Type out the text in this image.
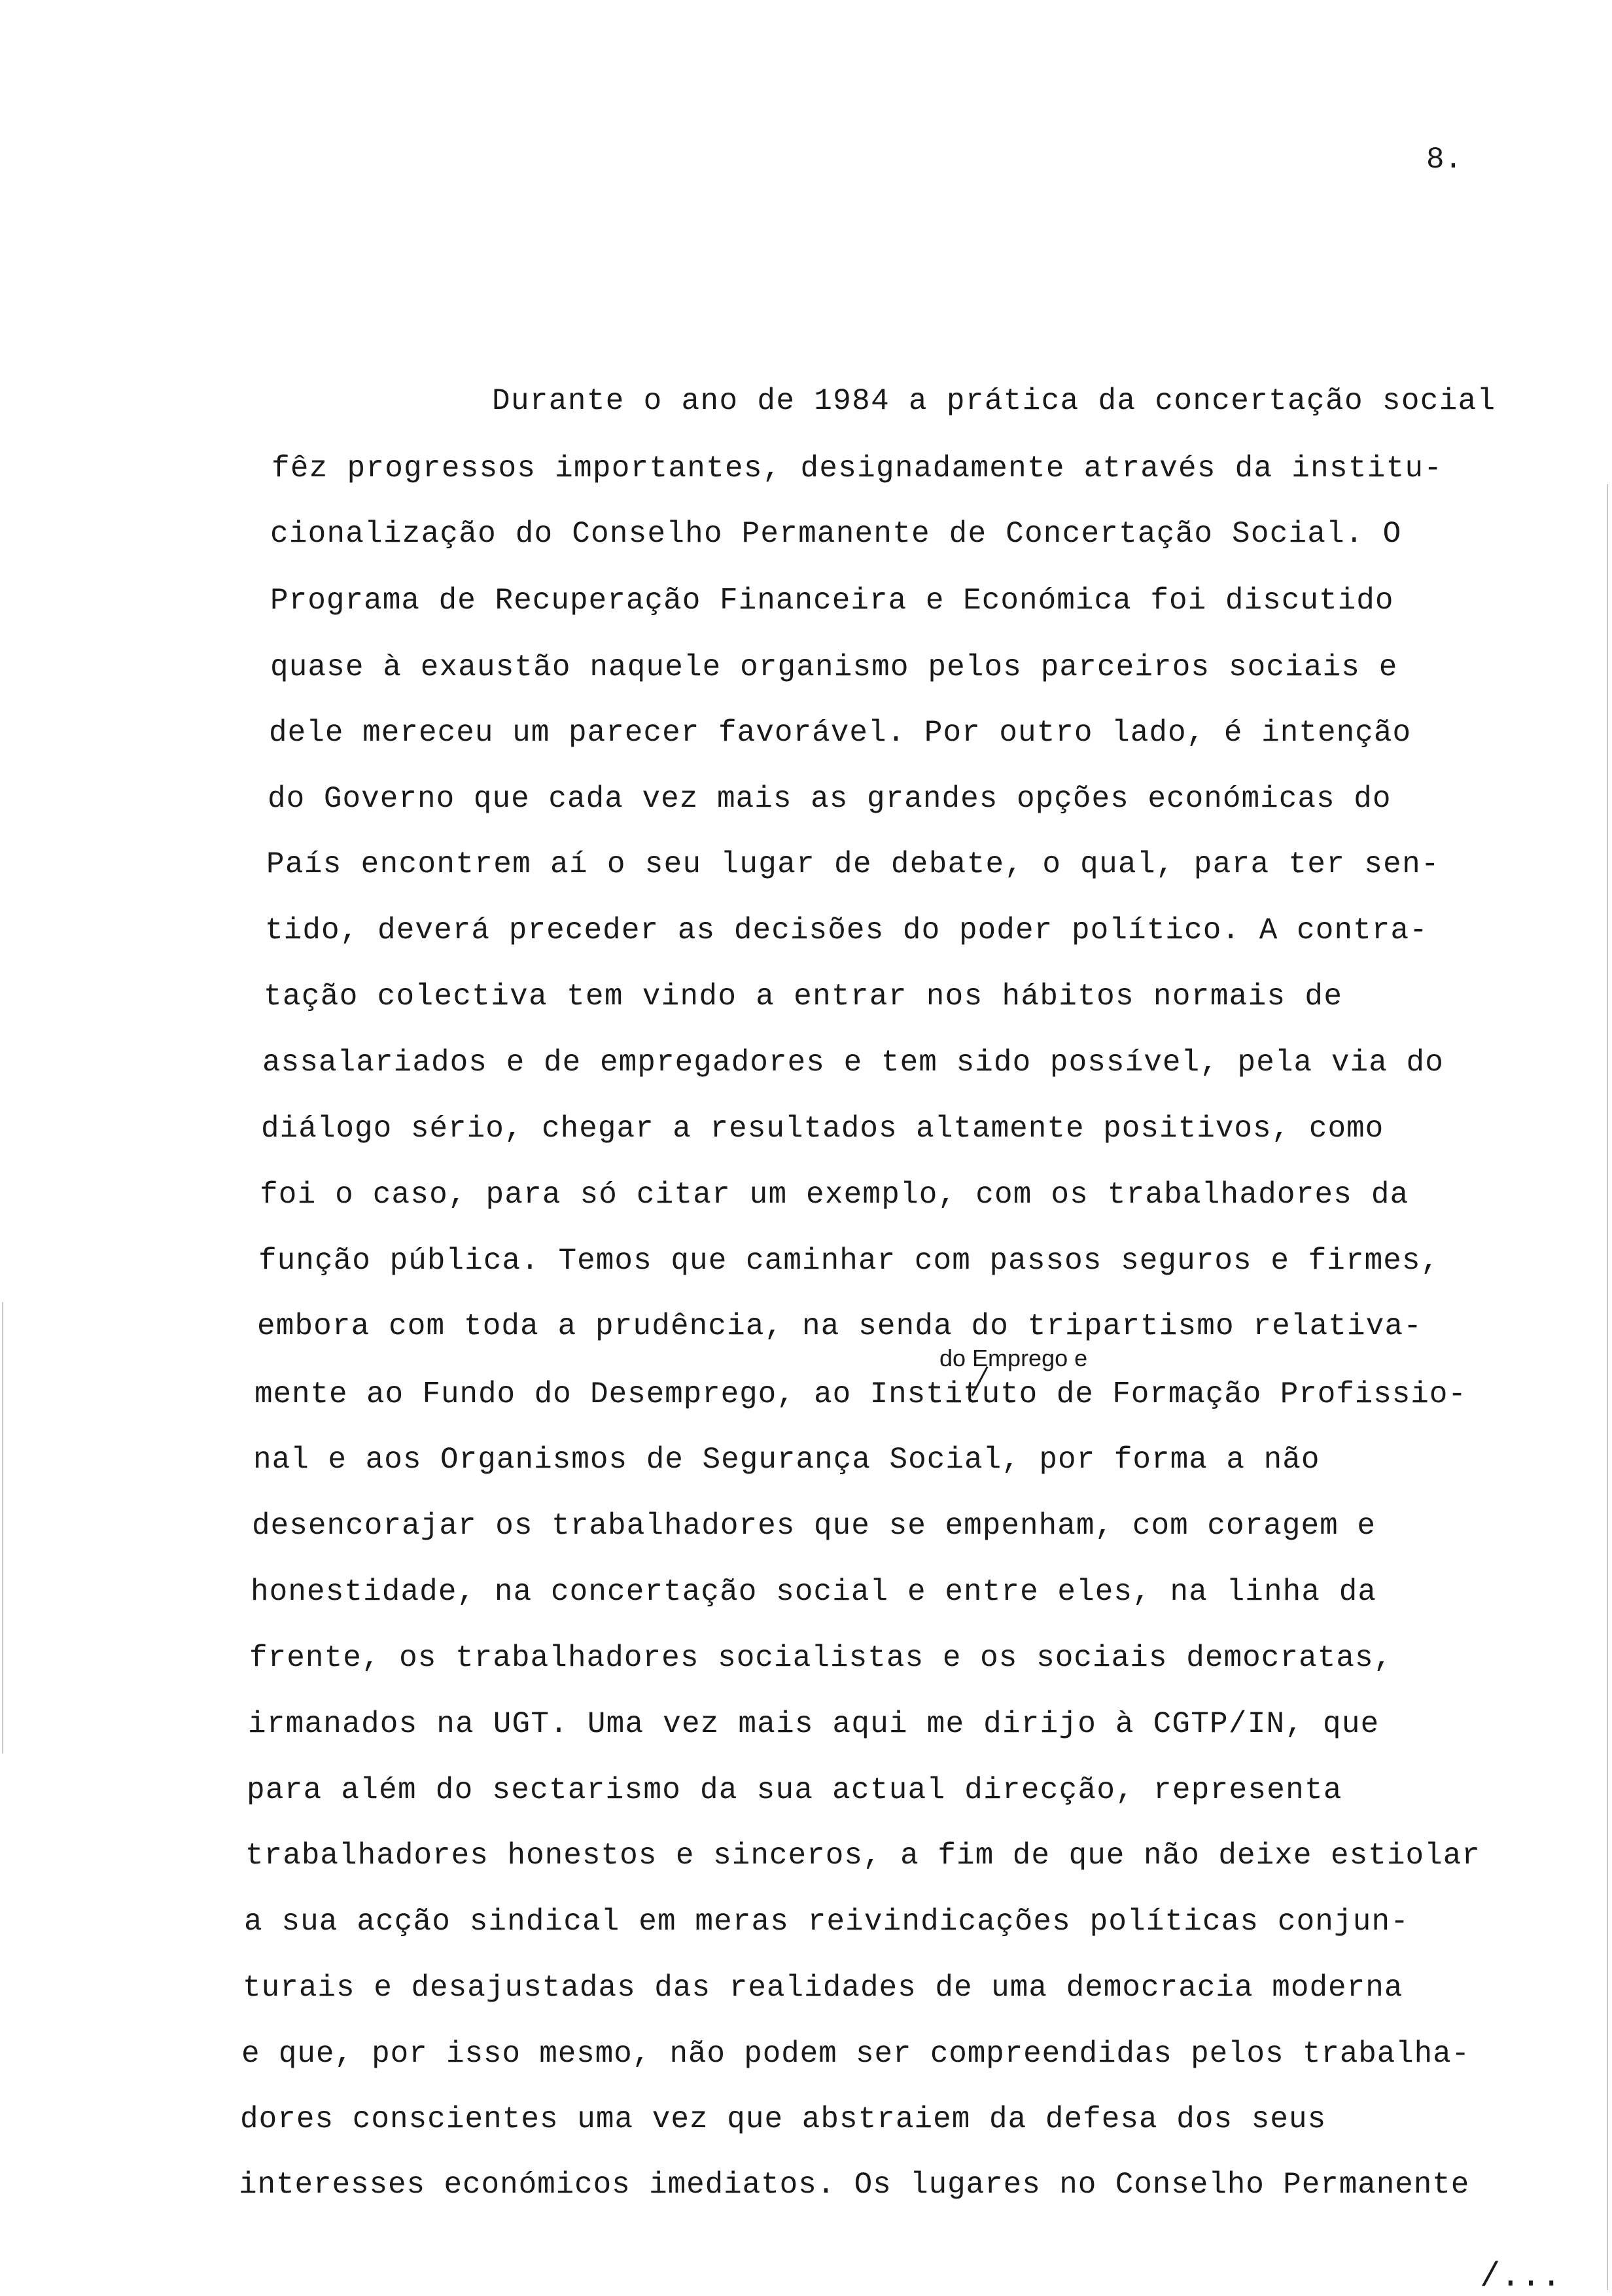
8.
Durante o ano de 1984 a prática da concertação social
fêz progressos importantes, designadamente através da institu-
cionalização do Conselho Permanente de Concertação Social. O
Programa de Recuperação Financeira e Económica foi discutido
quase à exaustão naquele organismo pelos parceiros sociais e
dele mereceu um parecer favorável. Por outro lado, é intenção
do Governo que cada vez mais as grandes opções económicas do
País encontrem aí o seu lugar de debate, o qual, para ter sen-
tido, deverá preceder as decisões do poder político. A contra-
tação colectiva tem vindo a entrar nos hábitos normais de
assalariados e de empregadores e tem sido possível, pela via do
diálogo sério, chegar a resultados altamente positivos, como
foi o caso, para só citar um exemplo, com os trabalhadores da
função pública. Temos que caminhar com passos seguros e firmes,
embora com toda a prudência, na senda do tripartismo relativa-
mente ao Fundo do Desemprego, ao Instituto de Formação Profissio-
nal e aos Organismos de Segurança Social, por forma a não
desencorajar os trabalhadores que se empenham, com coragem e
honestidade, na concertação social e entre eles, na linha da
frente, os trabalhadores socialistas e os sociais democratas,
irmanados na UGT. Uma vez mais aqui me dirijo à CGTP/IN, que
para além do sectarismo da sua actual direcção, representa
trabalhadores honestos e sinceros, a fim de que não deixe estiolar
a sua acção sindical em meras reivindicações políticas conjun-
turais e desajustadas das realidades de uma democracia moderna
e que, por isso mesmo, não podem ser compreendidas pelos trabalha-
dores conscientes uma vez que abstraiem da defesa dos seus
interesses económicos imediatos. Os lugares no Conselho Permanente
do Emprego e
/...
